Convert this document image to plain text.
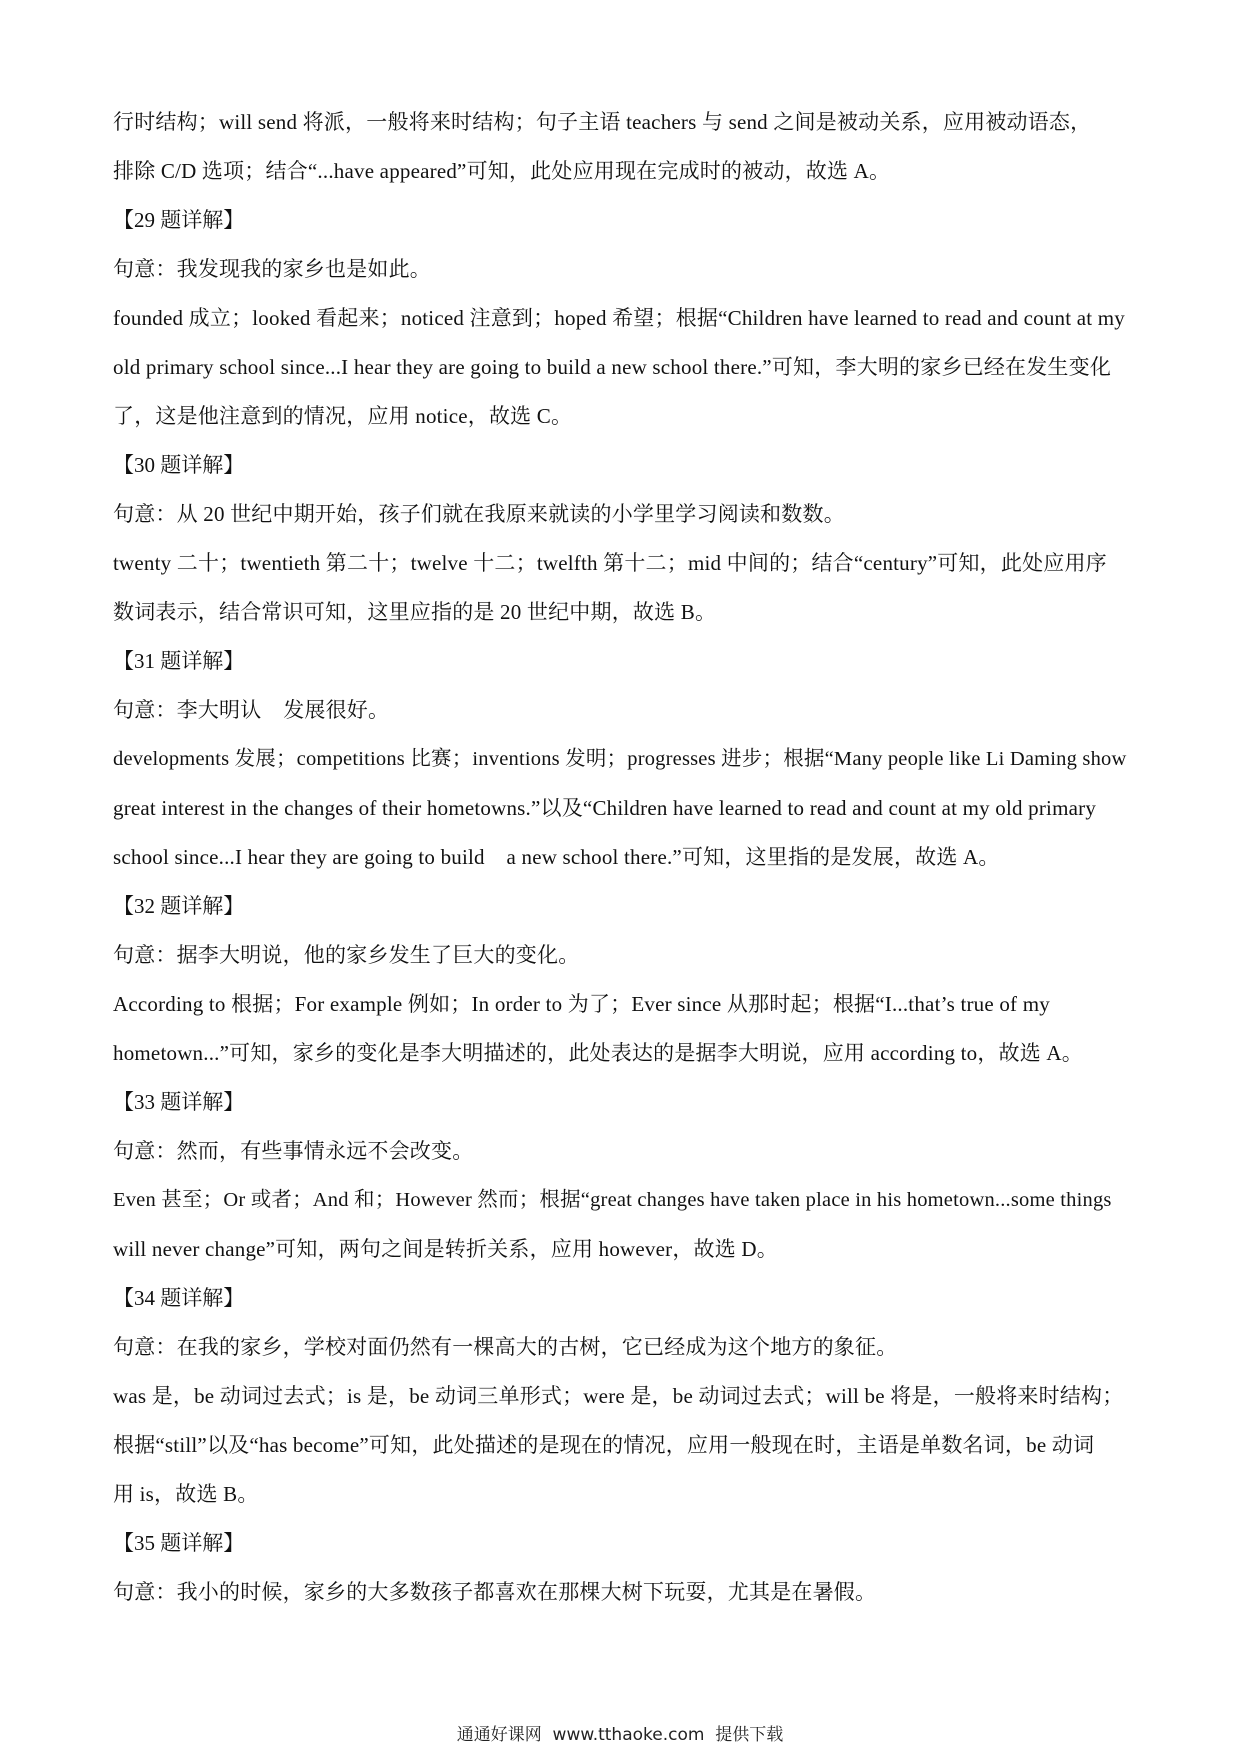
行时结构；will send 将派，一般将来时结构；句子主语 teachers 与 send 之间是被动关系，应用被动语态，
排除 C/D 选项；结合“...have appeared”可知，此处应用现在完成时的被动，故选 A。
【29 题详解】
句意：我发现我的家乡也是如此。
founded 成立；looked 看起来；noticed 注意到；hoped 希望；根据“Children have learned to read and count at my
old primary school since...I hear they are going to build a new school there.”可知，李大明的家乡已经在发生变化
了，这是他注意到的情况，应用 notice，故选 C。
【30 题详解】
句意：从 20 世纪中期开始，孩子们就在我原来就读的小学里学习阅读和数数。
twenty 二十；twentieth 第二十；twelve 十二；twelfth 第十二；mid 中间的；结合“century”可知，此处应用序
数词表示，结合常识可知，这里应指的是 20 世纪中期，故选 B。
【31 题详解】
句意：李大明认    发展很好。
developments 发展；competitions 比赛；inventions 发明；progresses 进步；根据“Many people like Li Daming show
great interest in the changes of their hometowns.”以及“Children have learned to read and count at my old primary
school since...I hear they are going to build    a new school there.”可知，这里指的是发展，故选 A。
【32 题详解】
句意：据李大明说，他的家乡发生了巨大的变化。
According to 根据；For example 例如；In order to 为了；Ever since 从那时起；根据“I...that’s true of my
hometown...”可知，家乡的变化是李大明描述的，此处表达的是据李大明说，应用 according to，故选 A。
【33 题详解】
句意：然而，有些事情永远不会改变。
Even 甚至；Or 或者；And 和；However 然而；根据“great changes have taken place in his hometown...some things
will never change”可知，两句之间是转折关系，应用 however，故选 D。
【34 题详解】
句意：在我的家乡，学校对面仍然有一棵高大的古树，它已经成为这个地方的象征。
was 是，be 动词过去式；is 是，be 动词三单形式；were 是，be 动词过去式；will be 将是，一般将来时结构；
根据“still”以及“has become”可知，此处描述的是现在的情况，应用一般现在时，主语是单数名词，be 动词
用 is，故选 B。
【35 题详解】
句意：我小的时候，家乡的大多数孩子都喜欢在那棵大树下玩耍，尤其是在暑假。
通通好课网  www.tthaoke.com  提供下载
